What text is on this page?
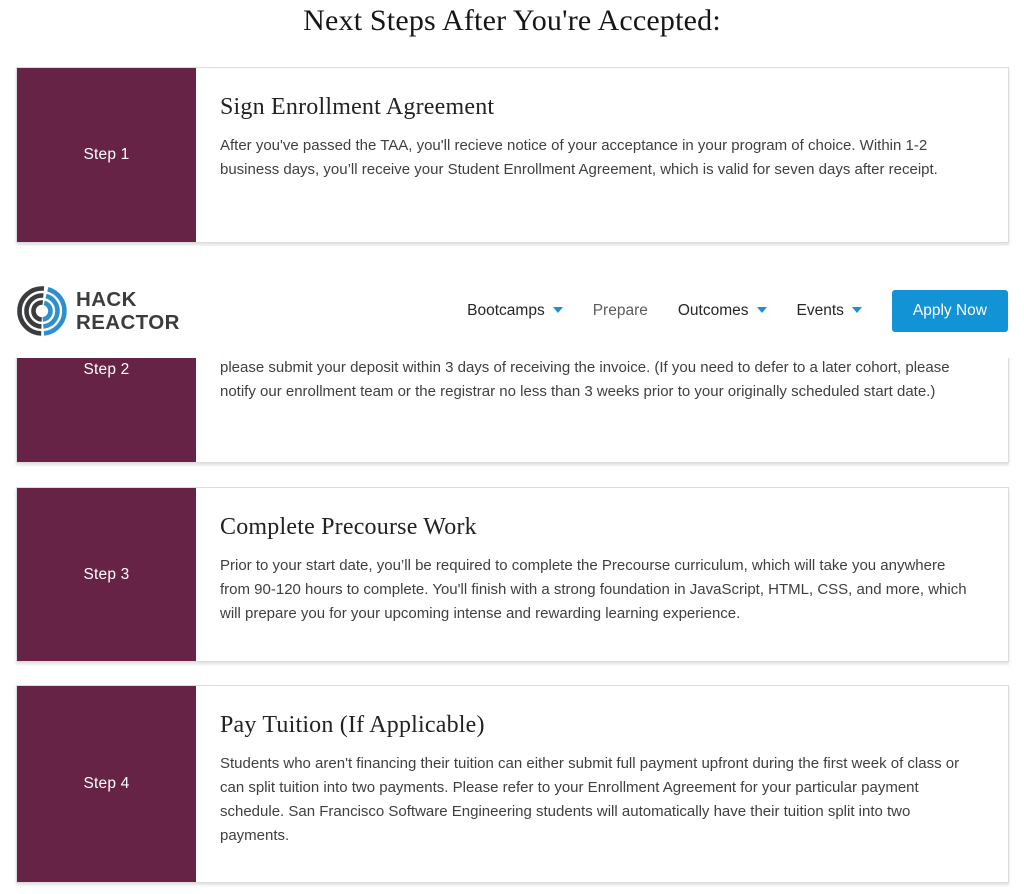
Next Steps After You're Accepted:
Step 1
Sign Enrollment Agreement

After you've passed the TAA, you'll recieve notice of your acceptance in your program of choice. Within 1-2 business days, you’ll receive your Student Enrollment Agreement, which is valid for seven days after receipt.

Step 2	please submit your deposit within 3 days of receiving the invoice. (If you need to defer to a later cohort, please notify our enrollment team or the registrar no less than 3 weeks prior to your originally scheduled start date.)

Step 3
Complete Precourse Work

Prior to your start date, you’ll be required to complete the Precourse curriculum, which will take you anywhere from 90-120 hours to complete. You'll finish with a strong foundation in JavaScript, HTML, CSS, and more, which will prepare you for your upcoming intense and rewarding learning experience.

Step 4
Pay Tuition (If Applicable)

Students who aren't financing their tuition can either submit full payment upfront during the first week of class or can split tuition into two payments. Please refer to your Enrollment Agreement for your particular payment schedule. San Francisco Software Engineering students will automatically have their tuition split into two payments.

HACK
REACTOR
Bootcamps	Prepare Outcomes	Events	Apply Now
